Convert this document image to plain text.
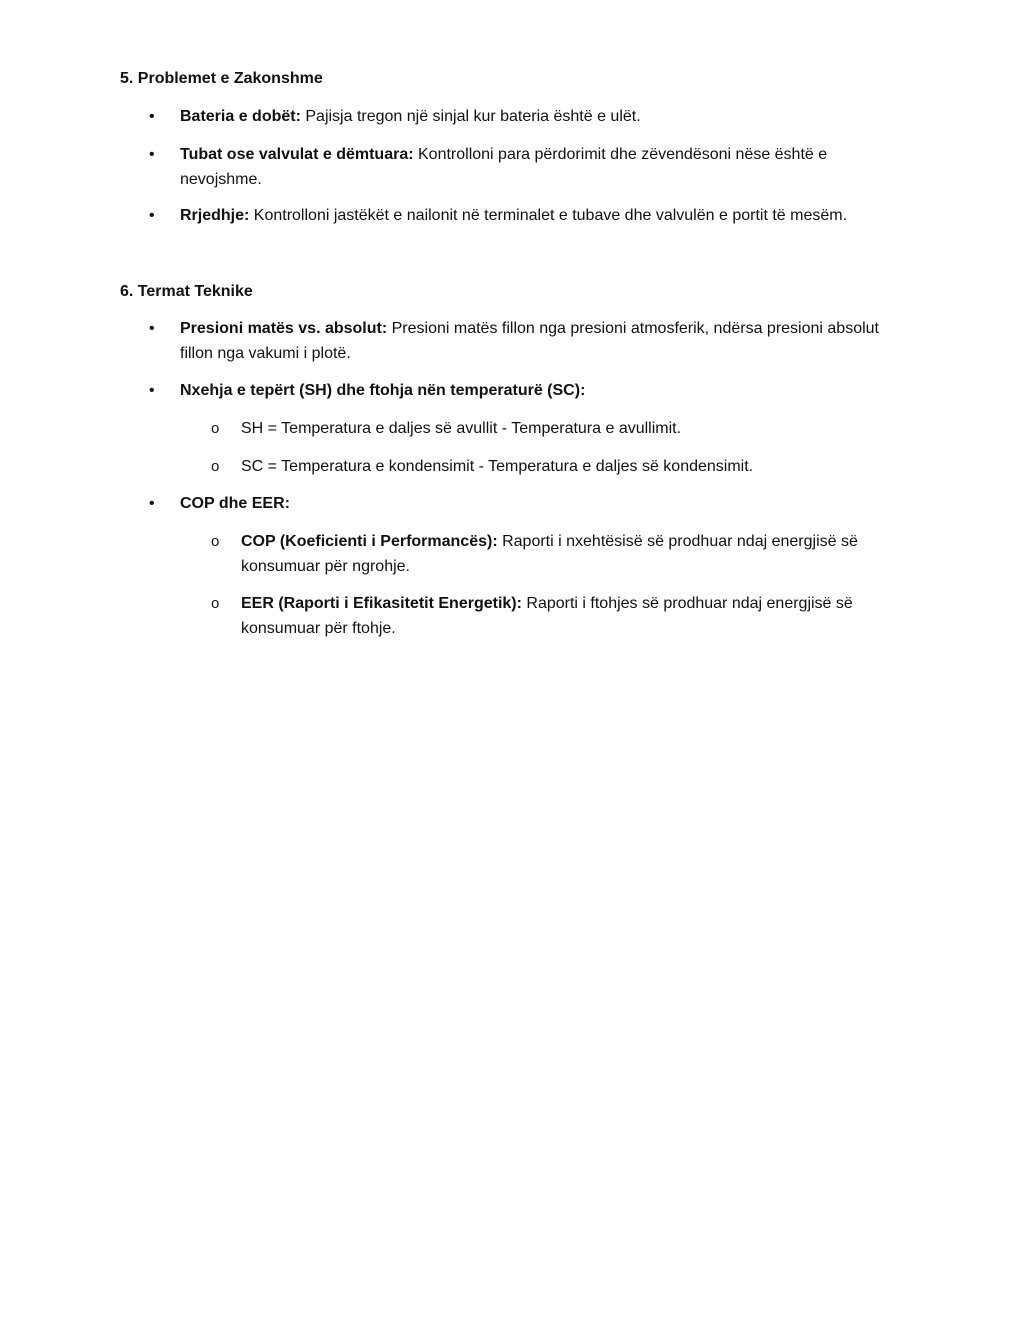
5. Problemet e Zakonshme
•	Bateria e dobët: Pajisja tregon një sinjal kur bateria është e ulët.
•	Tubat ose valvulat e dëmtuara: Kontrolloni para përdorimit dhe zëvendësoni nëse është e nevojshme.
•	Rrjedhje: Kontrolloni jastëkët e nailonit në terminalet e tubave dhe valvulën e portit të mesëm.
6. Termat Teknike
•	Presioni matës vs. absolut: Presioni matës fillon nga presioni atmosferik, ndërsa presioni absolut fillon nga vakumi i plotë.
•	Nxehja e tepërt (SH) dhe ftohja nën temperaturë (SC):
o	SH = Temperatura e daljes së avullit - Temperatura e avullimit.
o	SC = Temperatura e kondensimit - Temperatura e daljes së kondensimit.
•	COP dhe EER:
o	COP (Koeficienti i Performancës): Raporti i nxehtësisë së prodhuar ndaj energjisë së konsumuar për ngrohje.
o	EER (Raporti i Efikasitetit Energetik): Raporti i ftohjes së prodhuar ndaj energjisë së konsumuar për ftohje.
